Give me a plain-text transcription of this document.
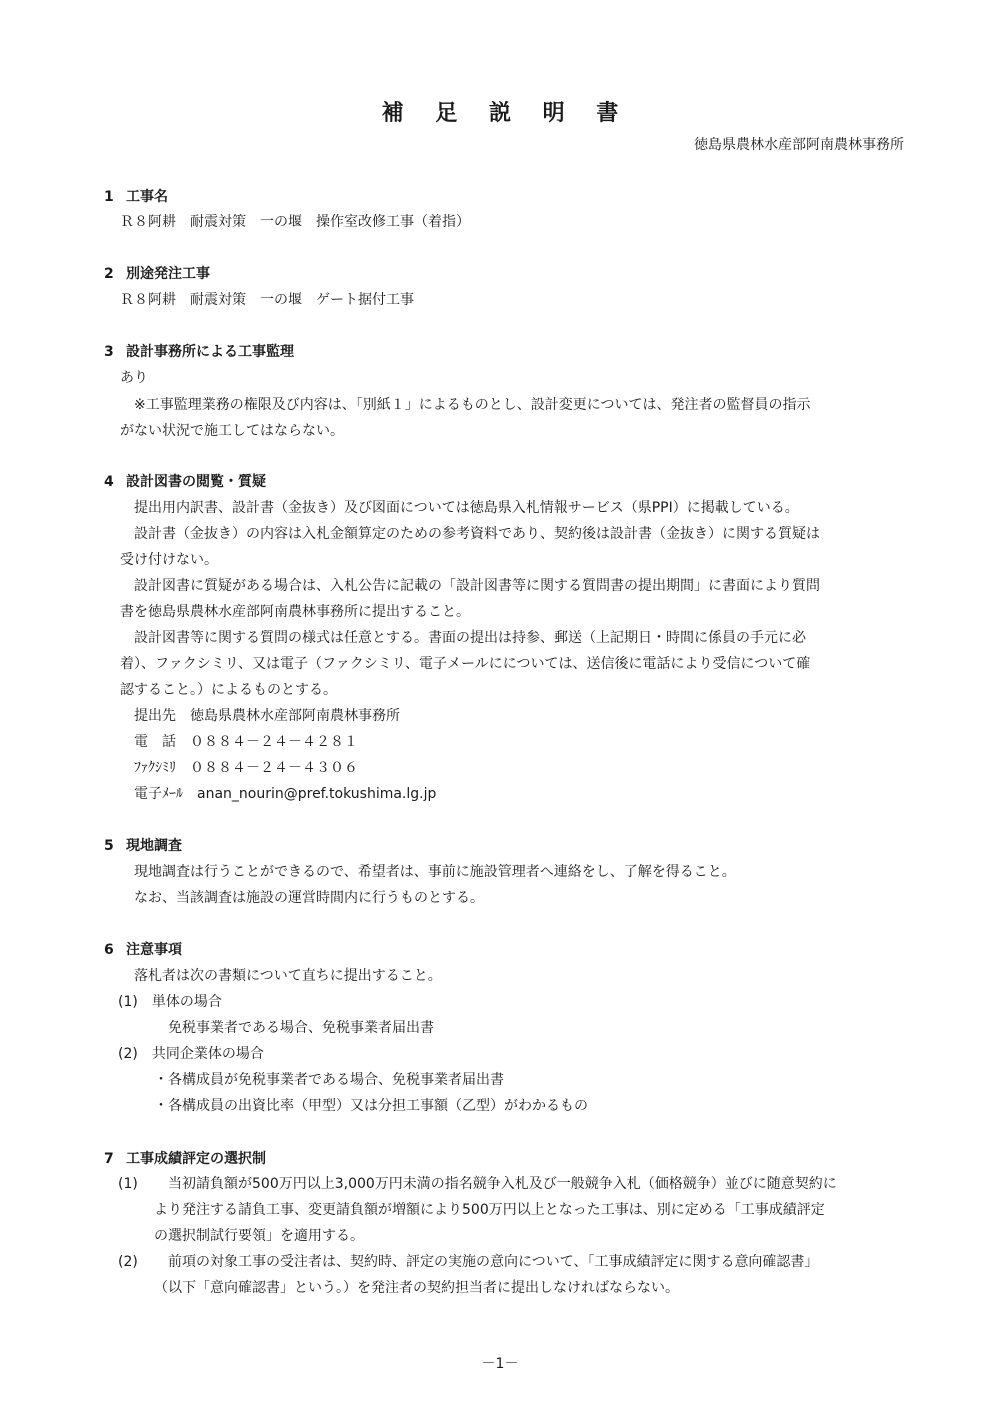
補 足 説 明 書
徳島県農林水産部阿南農林事務所
1 工事名
Ｒ８阿耕　耐震対策　一の堰　操作室改修工事（着指）
2 別途発注工事
Ｒ８阿耕　耐震対策　一の堰　ゲート据付工事
3 設計事務所による工事監理
あり
※工事監理業務の権限及び内容は、「別紙１」によるものとし、設計変更については、発注者の監督員の指示
がない状況で施工してはならない。
4 設計図書の閲覧・質疑
提出用内訳書、設計書（金抜き）及び図面については徳島県入札情報サービス（県PPI）に掲載している。
設計書（金抜き）の内容は入札金額算定のための参考資料であり、契約後は設計書（金抜き）に関する質疑は
受け付けない。
設計図書に質疑がある場合は、入札公告に記載の「設計図書等に関する質問書の提出期間」に書面により質問
書を徳島県農林水産部阿南農林事務所に提出すること。
設計図書等に関する質問の様式は任意とする。書面の提出は持参、郵送（上記期日・時間に係員の手元に必
着）、ファクシミリ、又は電子（ファクシミリ、電子メールにについては、送信後に電話により受信について確
認すること。）によるものとする。
提出先　徳島県農林水産部阿南農林事務所
電　話　０８８４－２４－４２８１
ﾌｧｸｼﾐﾘ　０８８４－２４－４３０６
電子ﾒｰﾙ　anan_nourin@pref.tokushima.lg.jp
5 現地調査
現地調査は行うことができるので、希望者は、事前に施設管理者へ連絡をし、了解を得ること。
なお、当該調査は施設の運営時間内に行うものとする。
6 注意事項
落札者は次の書類について直ちに提出すること。
(1)　単体の場合
免税事業者である場合、免税事業者届出書
(2)　共同企業体の場合
・各構成員が免税事業者である場合、免税事業者届出書
・各構成員の出資比率（甲型）又は分担工事額（乙型）がわかるもの
7 工事成績評定の選択制
(1) 当初請負額が500万円以上3,000万円未満の指名競争入札及び一般競争入札（価格競争）並びに随意契約に
より発注する請負工事、変更請負額が増額により500万円以上となった工事は、別に定める「工事成績評定
の選択制試行要領」を適用する。
(2) 前項の対象工事の受注者は、契約時、評定の実施の意向について、「工事成績評定に関する意向確認書」
（以下「意向確認書」という。）を発注者の契約担当者に提出しなければならない。
－1－
